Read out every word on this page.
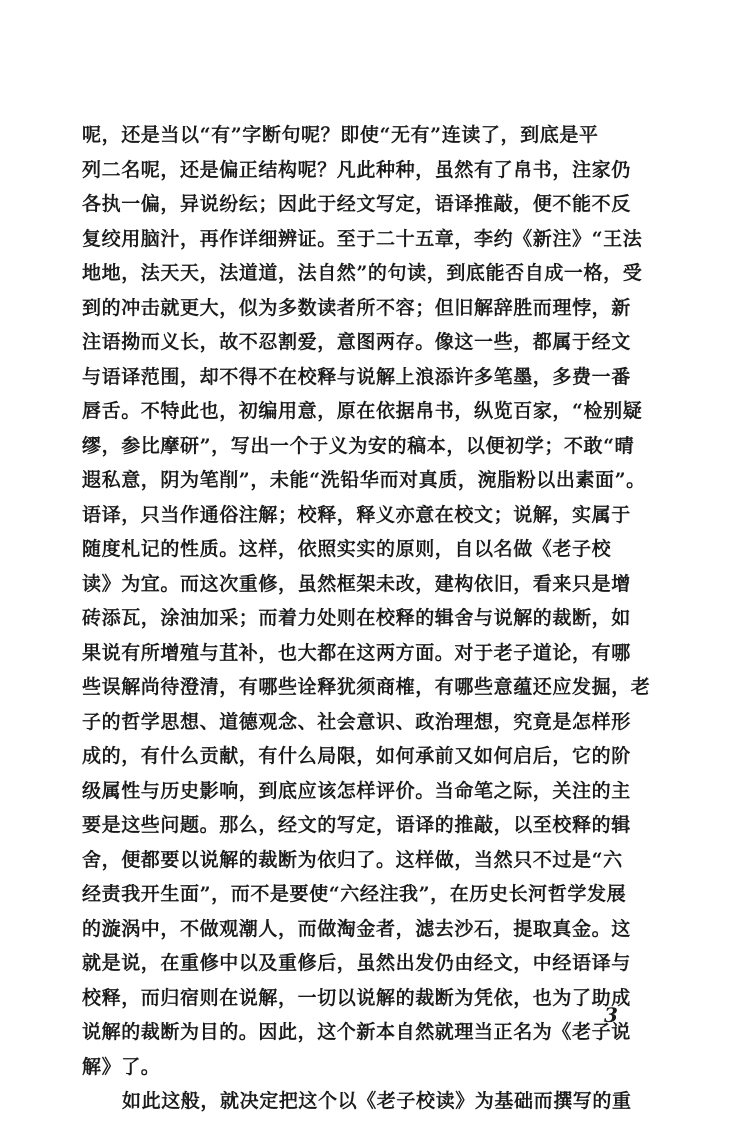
呢，还是当以“有”字断句呢？即使“无有”连读了，到底是平
列二名呢，还是偏正结构呢？凡此种种，虽然有了帛书，注家仍
各执一偏，异说纷纭；因此于经文写定，语译推敲，便不能不反
复绞用脑汁，再作详细辨证。至于二十五章，李约《新注》“王法
地地，法天天，法道道，法自然”的句读，到底能否自成一格，受
到的冲击就更大，似为多数读者所不容；但旧解辞胜而理悖，新
注语拗而义长，故不忍割爱，意图两存。像这一些，都属于经文
与语译范围，却不得不在校释与说解上浪添许多笔墨，多费一番
唇舌。不特此也，初编用意，原在依据帛书，纵览百家，“检别疑
缪，参比摩研”，写出一个于义为安的稿本，以便初学；不敢“晴
遐私意，阴为笔削”，未能“洗铅华而对真质，涴脂粉以出素面”。
语译，只当作通俗注解；校释，释义亦意在校文；说解，实属于
随度札记的性质。这样，依照实实的原则，自以名做《老子校
读》为宜。而这次重修，虽然框架未改，建构依旧，看来只是增
砖添瓦，涂油加采；而着力处则在校释的辑舍与说解的裁断，如
果说有所增殖与苴补，也大都在这两方面。对于老子道论，有哪
些误解尚待澄清，有哪些诠释犹须商榷，有哪些意蕴还应发掘，老
子的哲学思想、道德观念、社会意识、政治理想，究竟是怎样形
成的，有什么贡献，有什么局限，如何承前又如何启后，它的阶
级属性与历史影响，到底应该怎样评价。当命笔之际，关注的主
要是这些问题。那么，经文的写定，语译的推敲，以至校释的辑
舍，便都要以说解的裁断为依归了。这样做，当然只不过是“六
经责我开生面”，而不是要使“六经注我”，在历史长河哲学发展
的漩涡中，不做观潮人，而做淘金者，滤去沙石，提取真金。这
就是说，在重修中以及重修后，虽然出发仍由经文，中经语译与
校释，而归宿则在说解，一切以说解的裁断为凭依，也为了助成
说解的裁断为目的。因此，这个新本自然就理当正名为《老子说
解》了。
如此这般，就决定把这个以《老子校读》为基础而撰写的重
3
